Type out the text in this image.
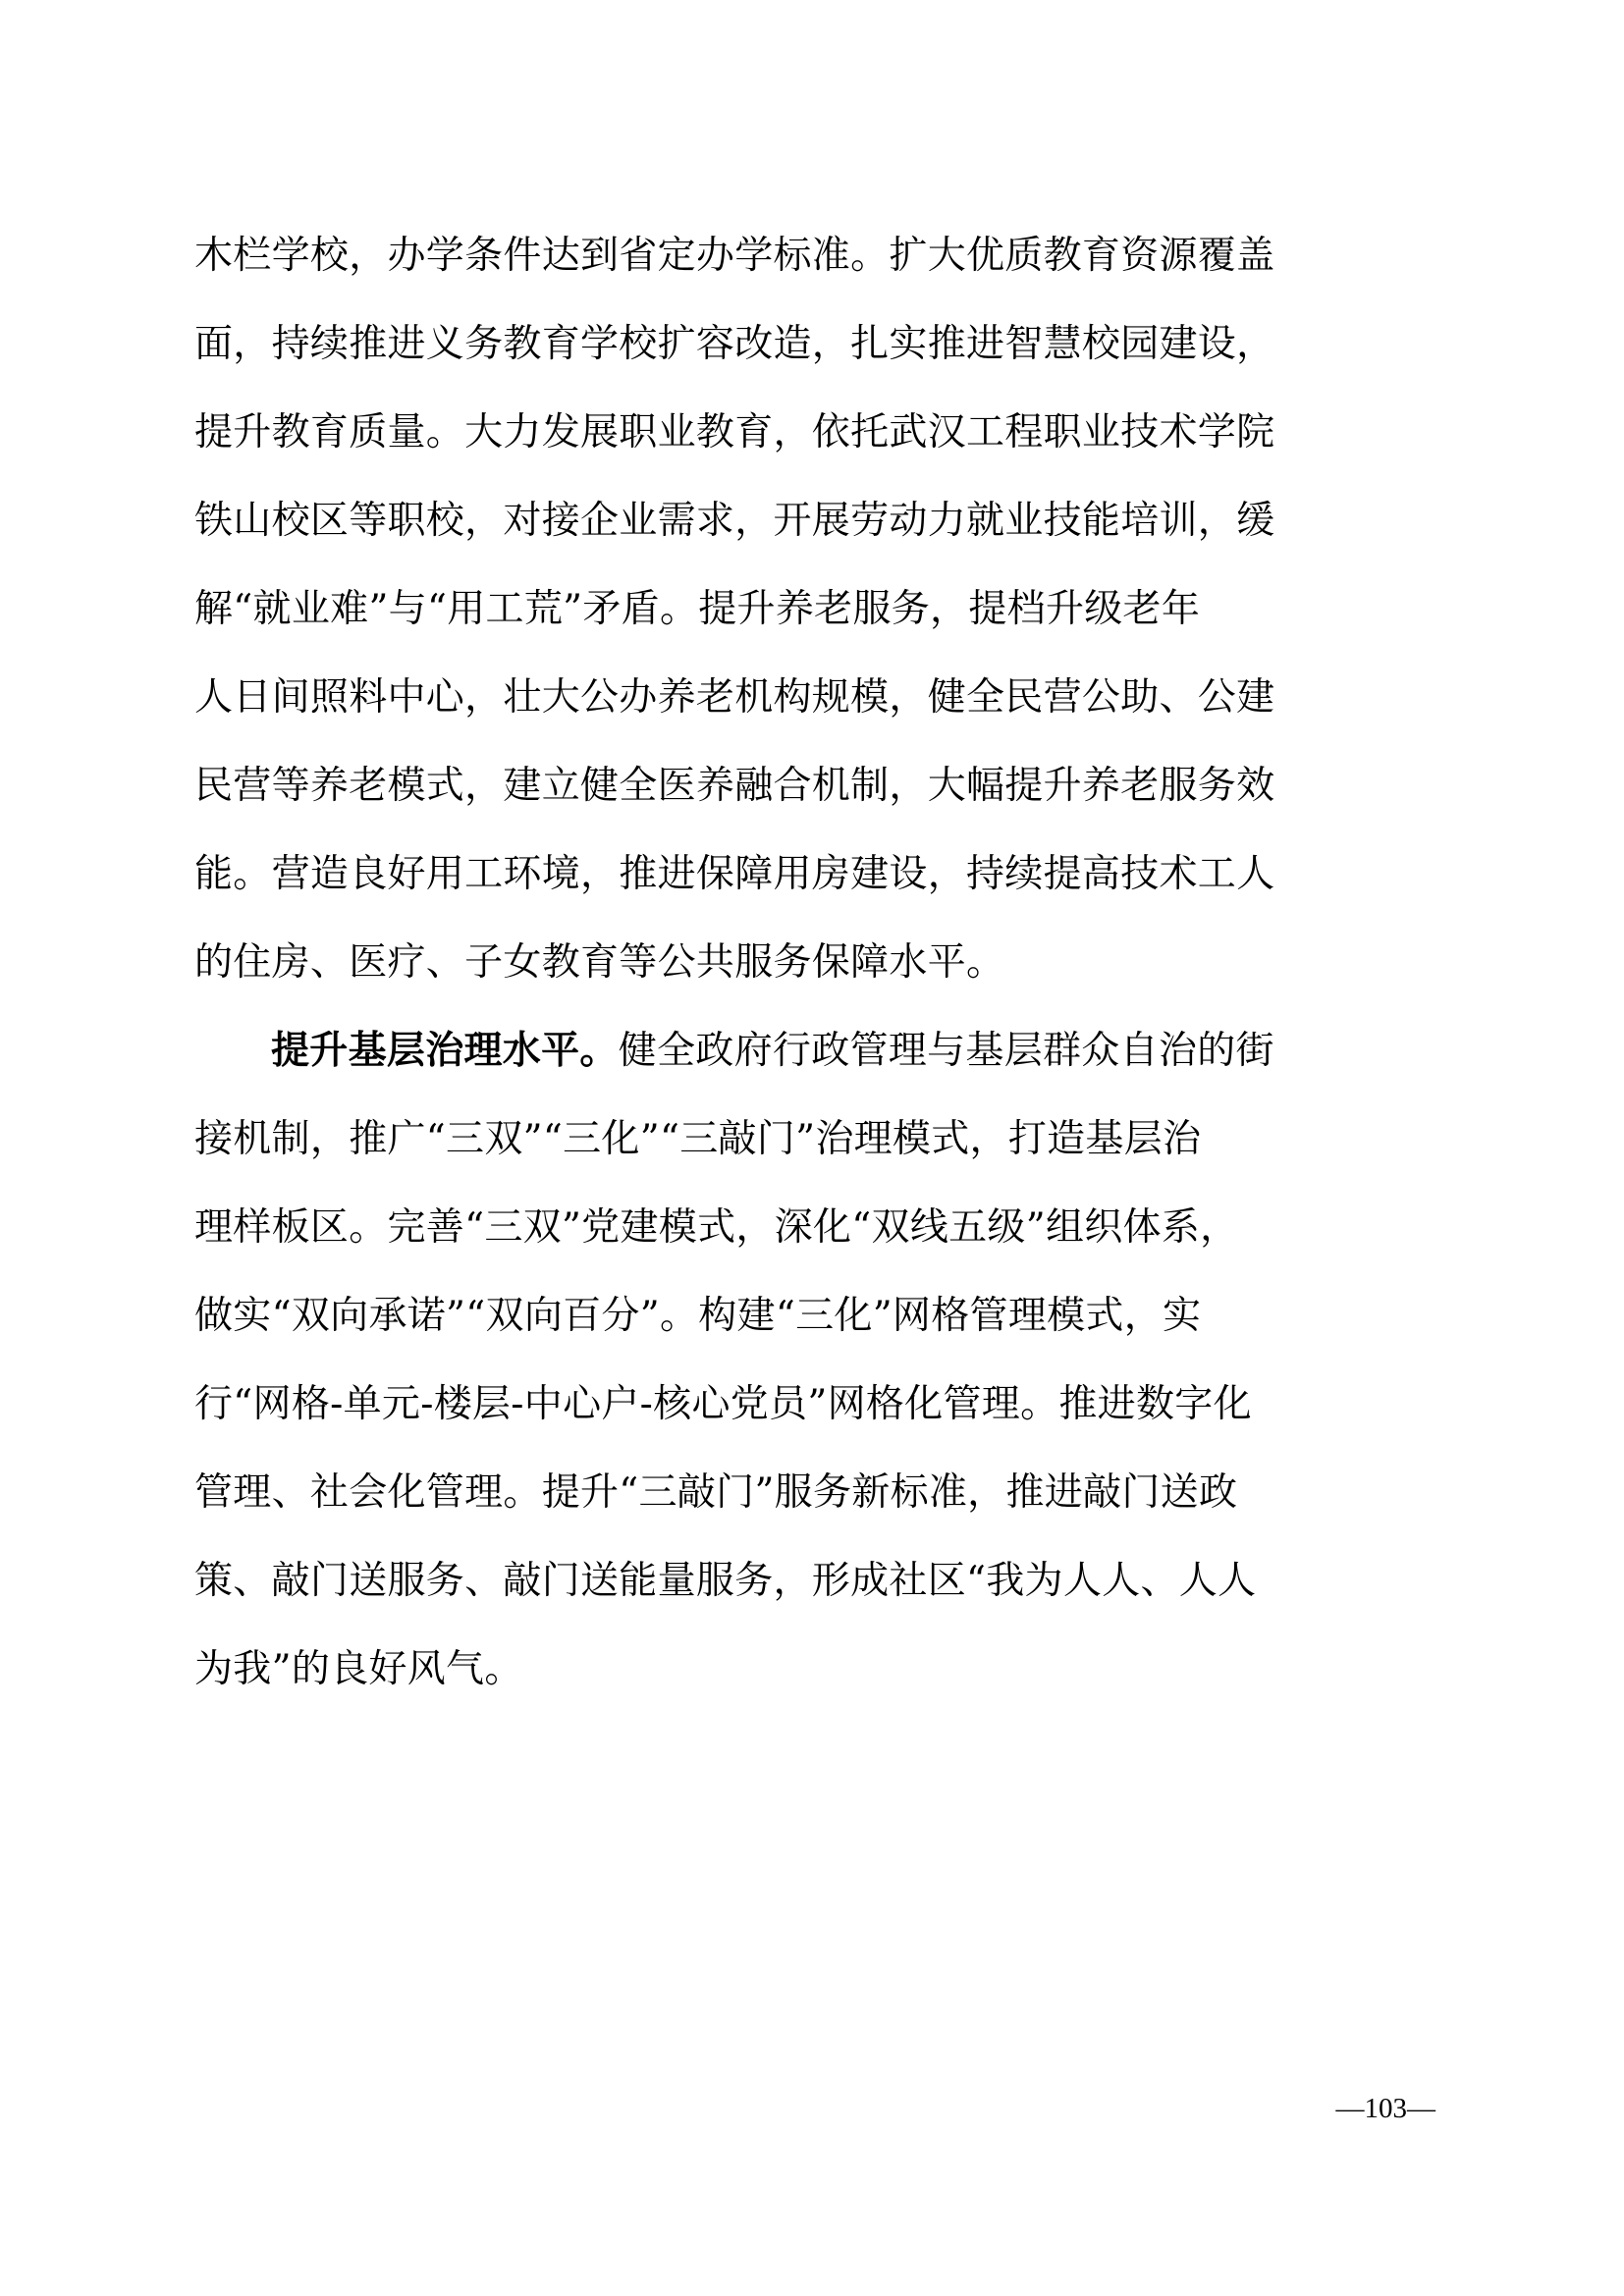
木栏学校，办学条件达到省定办学标准。扩大优质教育资源覆盖
面，持续推进义务教育学校扩容改造，扎实推进智慧校园建设，
提升教育质量。大力发展职业教育，依托武汉工程职业技术学院
铁山校区等职校，对接企业需求，开展劳动力就业技能培训，缓
解“就业难”与“用工荒”矛盾。提升养老服务，提档升级老年
人日间照料中心，壮大公办养老机构规模，健全民营公助、公建
民营等养老模式，建立健全医养融合机制，大幅提升养老服务效
能。营造良好用工环境，推进保障用房建设，持续提高技术工人
的住房、医疗、子女教育等公共服务保障水平。
提升基层治理水平。健全政府行政管理与基层群众自治的街
接机制，推广“三双”“三化”“三敲门”治理模式，打造基层治
理样板区。完善“三双”党建模式，深化“双线五级”组织体系，
做实“双向承诺”“双向百分”。构建“三化”网格管理模式，实
行“网格-单元-楼层-中心户-核心党员”网格化管理。推进数字化
管理、社会化管理。提升“三敲门”服务新标准，推进敲门送政
策、敲门送服务、敲门送能量服务，形成社区“我为人人、人人
为我”的良好风气。
—103—
